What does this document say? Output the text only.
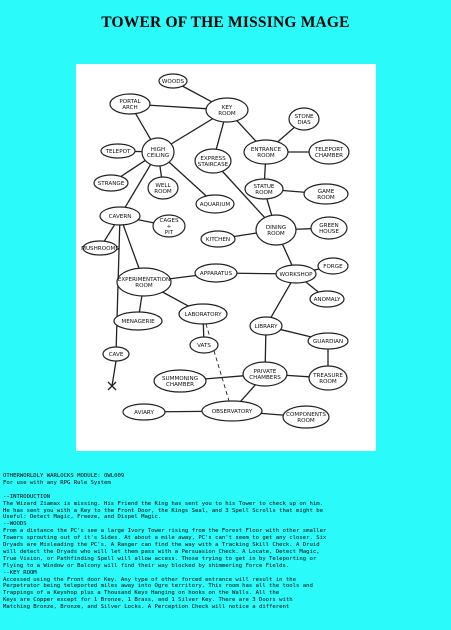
TOWER OF THE MISSING MAGE
WOODS
KEY
ROOM
PORTAL
ARCH
STONE
DIAS
TELEPOT	HIGH
CEILING
ENTRANCE
ROOM
TELEPORT
CHAMBER
EXPRESS
STAIRCASE
STRANGE	WELL
ROOM
AQUARIUM
STATUE
ROOM	GAME
ROOM
CAVERN
CAGES
+
PIT
DINING
ROOM
GREEN
HOUSE
MUSHROOMS
KITCHEN
FORGE
EXPERIMENTATION
ROOM
APPARATUS	WORKSHOP
ANOMALY
LABORATORY
MENAGERIE
LIBRARY
VATS
GUARDIAN
CAVE
SUMMONING
CHAMBER
PRIVATE
CHAMBERS	TREASURE
ROOM
AVIARY	OBSERVATORY	COMPONENTS
ROOM
OTHERWORLDLY WARLOCKS MODULE: OWL009
For use with any RPG Rule System
--INTRODUCTION
The Wizard Ziamax is missing. His Friend the King has sent you to his Tower to check up on him.
He has sent you with a Key to the Front Door, the Kings Seal, and 3 Spell Scrolls that might be
Useful: Detect Magic, Freeze, and Dispel Magic.
--WOODS
From a distance the PC's see a large Ivory Tower rising from the Forest Floor with other smaller
Towers sprouting out of it's Sides. At about a mile away, PC's can't seem to get any closer. Six
Dryads are Misleading the PC's. A Ranger can find the way with a Tracking Skill Check. A Druid
will detect the Dryads who will let them pass with a Persuasion Check. A Locate, Detect Magic,
True Vision, or Pathfinding Spell will allow access. Those trying to get in by Teleporting or
Flying to a Window or Balcony will find their way blocked by shimmering Force Fields.
--KEY ROOM
Accessed using the Front door Key. Any type of other forced entrance will result in the
Perpetrator being teleported miles away into Ogre territory. This room has all the tools and
Trappings of a Keyshop plus a Thousand Keys Hanging on hooks on the Walls. All the
Keys are Copper except for 1 Bronze, 1 Brass, and 1 Silver Key. There are 3 Doors with
Matching Bronze, Bronze, and Silver Locks. A Perception Check will notice a different
